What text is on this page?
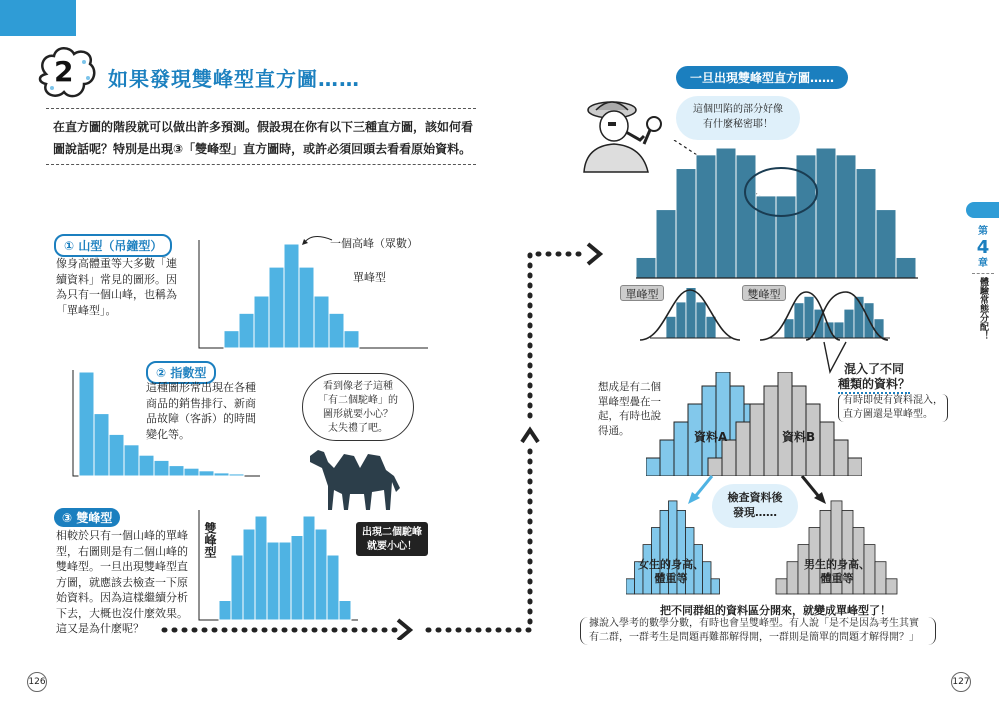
2 如果發現雙峰型直方圖……
在直方圖的階段就可以做出許多預測。假設現在你有以下三種直方圖，該如何看
圖說話呢？特別是出現③「雙峰型」直方圖時，或許必須回頭去看看原始資料。
① 山型（吊鐘型）
像身高體重等大多數「連
續資料」常見的圖形。因
為只有一個山峰，也稱為
「單峰型」。
一個高峰（眾數）
單峰型
② 指數型
這種圖形常出現在各種
商品的銷售排行、新商
品故障（客訴）的時間
變化等。
看到像老子這種
「有二個駝峰」的
圖形就要小心？
太失禮了吧。
出現二個駝峰
就要小心！
③ 雙峰型
相較於只有一個山峰的單峰
型，右圖則是有二個山峰的
雙峰型。一旦出現雙峰型直
方圖，就應該去檢查一下原
始資料。因為這樣繼續分析
下去，大概也沒什麼效果。
這又是為什麼呢？
雙峰型
一旦出現雙峰型直方圖……
這個凹陷的部分好像
有什麼秘密耶！
單峰型	雙峰型
混入了不同
種類的資料？
有時即使有資料混入，
直方圖還是單峰型。
想成是有二個
單峰型疊在一
起，有時也說
得通。	資料A	資料B
檢查資料後
發現……
女生的身高、
體重等
男生的身高、
體重等
把不同群組的資料區分開來，就變成單峰型了！
據說入學考的數學分數，有時也會呈雙峰型。有人說「是不是因為考生其實
有二群，一群考生是問題再難都解得開，一群則是簡單的問題才解得開？」
第
4
章
體驗常態分配！
126	127
